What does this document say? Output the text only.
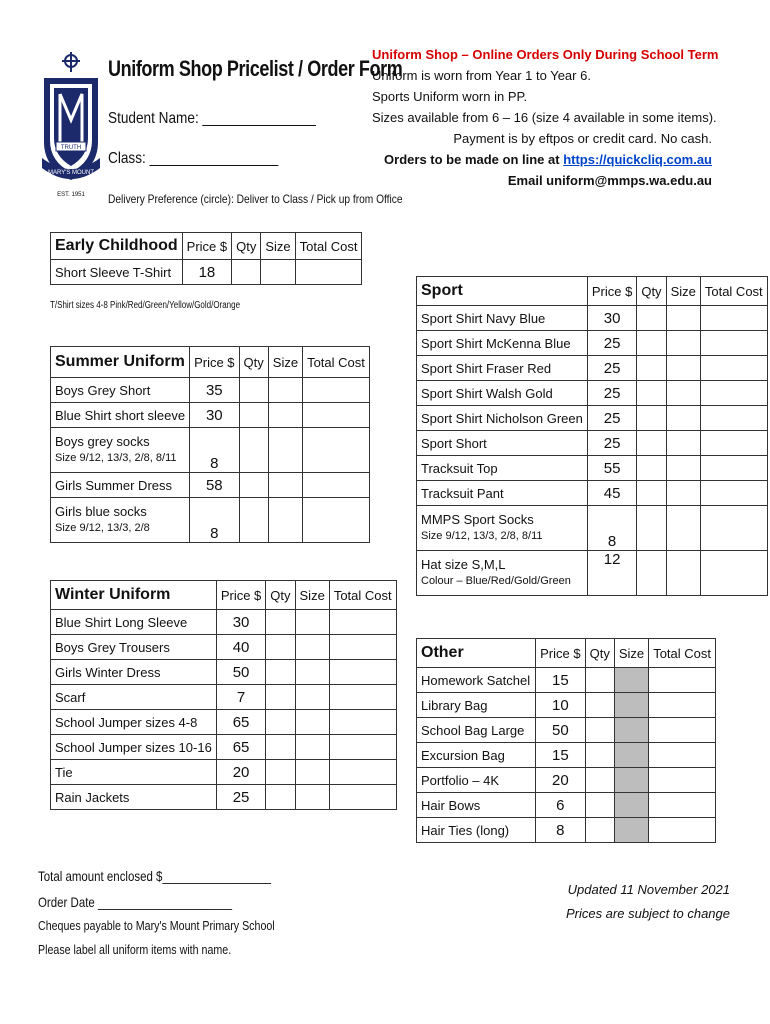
TRUTH
MARY'S MOUNT
EST. 1951
Uniform Shop Pricelist / Order Form
Student Name: _______________
Class: _________________
Delivery Preference (circle): Deliver to Class / Pick up from Office
Uniform Shop – Online Orders Only During School Term
Uniform is worn from Year 1 to Year 6.
Sports Uniform worn in PP.
Sizes available from 6 – 16 (size 4 available in some items).
Payment is by eftpos or credit card. No cash.
Orders to be made on line at https://quickcliq.com.au
Email uniform@mmps.wa.edu.au
Early Childhood	Price $	Qty	Size	Total Cost
Short Sleeve T-Shirt	18			
T/Shirt sizes 4-8 Pink/Red/Green/Yellow/Gold/Orange
Summer Uniform	Price $	Qty	Size	Total Cost
Boys Grey Short	35			
Blue Shirt short sleeve	30			

Boys grey socks
Size 9/12, 13/3, 2/8, 8/11	8			
Girls Summer Dress	58			

Girls blue socks
Size 9/12, 13/3, 2/8	8			
Winter Uniform	Price $	Qty	Size	Total Cost
Blue Shirt Long Sleeve	30			
Boys Grey Trousers	40			
Girls Winter Dress	50			
Scarf	7			
School Jumper sizes 4-8	65			
School Jumper sizes 10-16	65			
Tie	20			
Rain Jackets	25			
Sport	Price $	Qty	Size	Total Cost
Sport Shirt Navy Blue	30			
Sport Shirt McKenna Blue	25			
Sport Shirt Fraser Red	25			
Sport Shirt Walsh Gold	25			
Sport Shirt Nicholson Green	25			
Sport Short	25			
Tracksuit Top	55			
Tracksuit Pant	45			

MMPS Sport Socks
Size 9/12, 13/3, 2/8, 8/11	8			

Hat size S,M,L
Colour – Blue/Red/Gold/Green	12			
Other	Price $	Qty	Size	Total Cost
Homework Satchel	15			
Library Bag	10			
School Bag Large	50			
Excursion Bag	15			
Portfolio – 4K	20			
Hair Bows	6			
Hair Ties (long)	8			
Total amount enclosed $_________________
Order Date _____________________
Cheques payable to Mary's Mount Primary School
Please label all uniform items with name.
Updated 11 November 2021
Prices are subject to change
